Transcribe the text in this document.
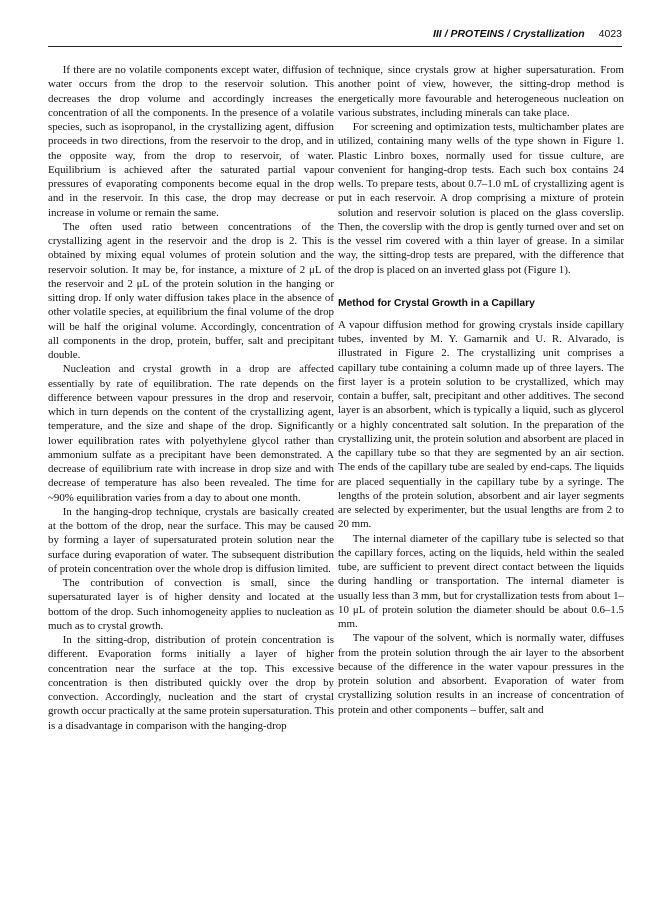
III / PROTEINS / Crystallization 4023

If there are no volatile components except water, diffusion of water occurs from the drop to the reservoir solution. This decreases the drop volume and accordingly increases the concentration of all the components. In the presence of a volatile species, such as isopropanol, in the crystallizing agent, diffusion proceeds in two directions, from the reservoir to the drop, and in the opposite way, from the drop to reservoir, of water. Equilibrium is achieved after the saturated partial vapour pressures of evaporating components become equal in the drop and in the reservoir. In this case, the drop may decrease or increase in volume or remain the same.

The often used ratio between concentrations of the crystallizing agent in the reservoir and the drop is 2. This is obtained by mixing equal volumes of protein solution and the reservoir solution. It may be, for instance, a mixture of 2 μL of the reservoir and 2 μL of the protein solution in the hanging or sitting drop. If only water diffusion takes place in the absence of other volatile species, at equilibrium the final volume of the drop will be half the original volume. Accordingly, concentration of all components in the drop, protein, buffer, salt and precipitant double.

Nucleation and crystal growth in a drop are affected essentially by rate of equilibration. The rate depends on the difference between vapour pressures in the drop and reservoir, which in turn depends on the content of the crystallizing agent, temperature, and the size and shape of the drop. Significantly lower equilibration rates with polyethylene glycol rather than ammonium sulfate as a precipitant have been demonstrated. A decrease of equilibrium rate with increase in drop size and with decrease of temperature has also been revealed. The time for ~90% equilibration varies from a day to about one month.

In the hanging-drop technique, crystals are basically created at the bottom of the drop, near the surface. This may be caused by forming a layer of supersaturated protein solution near the surface during evaporation of water. The subsequent distribution of protein concentration over the whole drop is diffusion limited.

The contribution of convection is small, since the supersaturated layer is of higher density and located at the bottom of the drop. Such inhomogeneity applies to nucleation as much as to crystal growth.

In the sitting-drop, distribution of protein concentration is different. Evaporation forms initially a layer of higher concentration near the surface at the top. This excessive concentration is then distributed quickly over the drop by convection. Accordingly, nucleation and the start of crystal growth occur practically at the same protein supersaturation. This is a disadvantage in comparison with the hanging-drop

technique, since crystals grow at higher supersaturation. From another point of view, however, the sitting-drop method is energetically more favourable and heterogeneous nucleation on various substrates, including minerals can take place.

For screening and optimization tests, multichamber plates are utilized, containing many wells of the type shown in Figure 1. Plastic Linbro boxes, normally used for tissue culture, are convenient for hanging-drop tests. Each such box contains 24 wells. To prepare tests, about 0.7–1.0 mL of crystallizing agent is put in each reservoir. A drop comprising a mixture of protein solution and reservoir solution is placed on the glass coverslip. Then, the coverslip with the drop is gently turned over and set on the vessel rim covered with a thin layer of grease. In a similar way, the sitting-drop tests are prepared, with the difference that the drop is placed on an inverted glass pot (Figure 1).

Method for Crystal Growth in a Capillary

A vapour diffusion method for growing crystals inside capillary tubes, invented by M. Y. Gamarnik and U. R. Alvarado, is illustrated in Figure 2. The crystallizing unit comprises a capillary tube containing a column made up of three layers. The first layer is a protein solution to be crystallized, which may contain a buffer, salt, precipitant and other additives. The second layer is an absorbent, which is typically a liquid, such as glycerol or a highly concentrated salt solution. In the preparation of the crystallizing unit, the protein solution and absorbent are placed in the capillary tube so that they are segmented by an air section. The ends of the capillary tube are sealed by end-caps. The liquids are placed sequentially in the capillary tube by a syringe. The lengths of the protein solution, absorbent and air layer segments are selected by experimenter, but the usual lengths are from 2 to 20 mm.

The internal diameter of the capillary tube is selected so that the capillary forces, acting on the liquids, held within the sealed tube, are sufficient to prevent direct contact between the liquids during handling or transportation. The internal diameter is usually less than 3 mm, but for crystallization tests from about 1–10 μL of protein solution the diameter should be about 0.6–1.5 mm.

The vapour of the solvent, which is normally water, diffuses from the protein solution through the air layer to the absorbent because of the difference in the water vapour pressures in the protein solution and absorbent. Evaporation of water from crystallizing solution results in an increase of concentration of protein and other components – buffer, salt and
